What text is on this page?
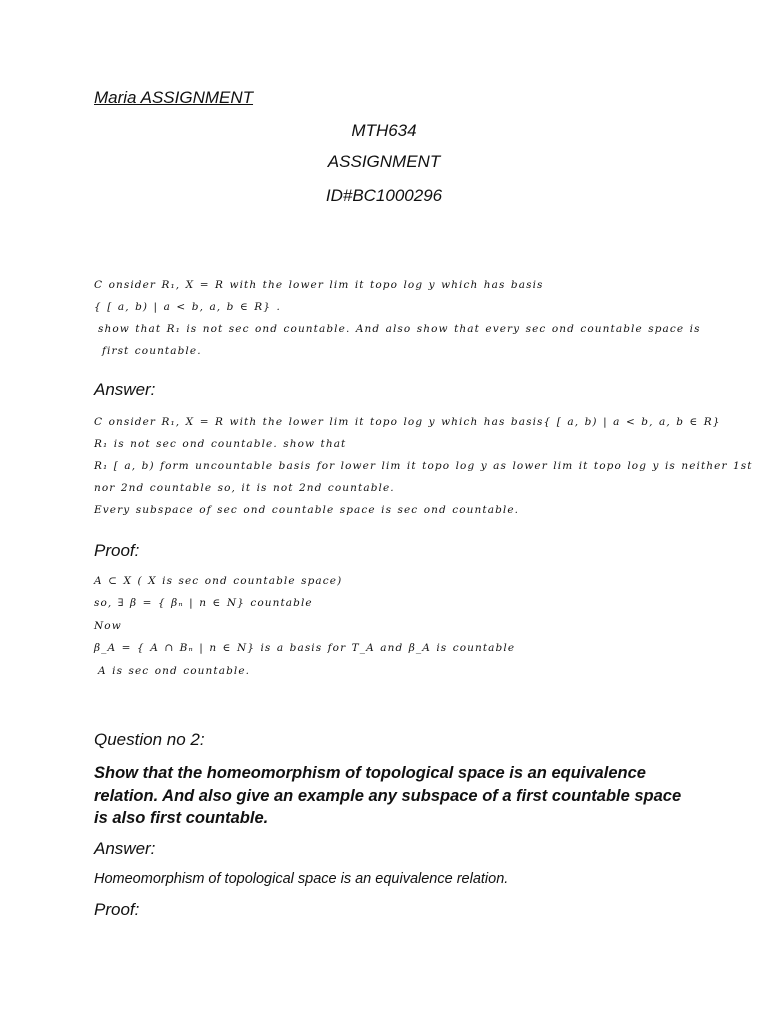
Maria ASSIGNMENT
MTH634
ASSIGNMENT
ID#BC1000296
C onsider R₁, X = R with the lower lim it topo log y which has basis
{ [ a, b) | a < b, a, b ∈ R} .
show that R₁ is not sec ond countable. And also show that every sec ond countable space is
first countable.
Answer:
C onsider R₁, X = R with the lower lim it topo log y which has basis{ [ a, b) | a < b, a, b ∈ R}
R₁ is not sec ond countable. show that
R₁ [ a, b) form uncountable basis for lower lim it topo log y as lower lim it topo log y is neither 1st
nor 2nd countable so, it is not 2nd countable.
Every subspace of sec ond countable space is sec ond countable.
Proof:
A ⊂ X ( X is sec ond countable space)
so, ∃ β = { βₙ | n ∈ N} countable
Now
β_A = { A ∩ Bₙ | n ∈ N} is a basis for T_A and β_A is countable
A is sec ond countable.
Question no 2:
Show that the homeomorphism of topological space is an equivalence relation. And also give an example any subspace of a first countable space is also first countable.
Answer:
Homeomorphism of topological space is an equivalence relation.
Proof:
